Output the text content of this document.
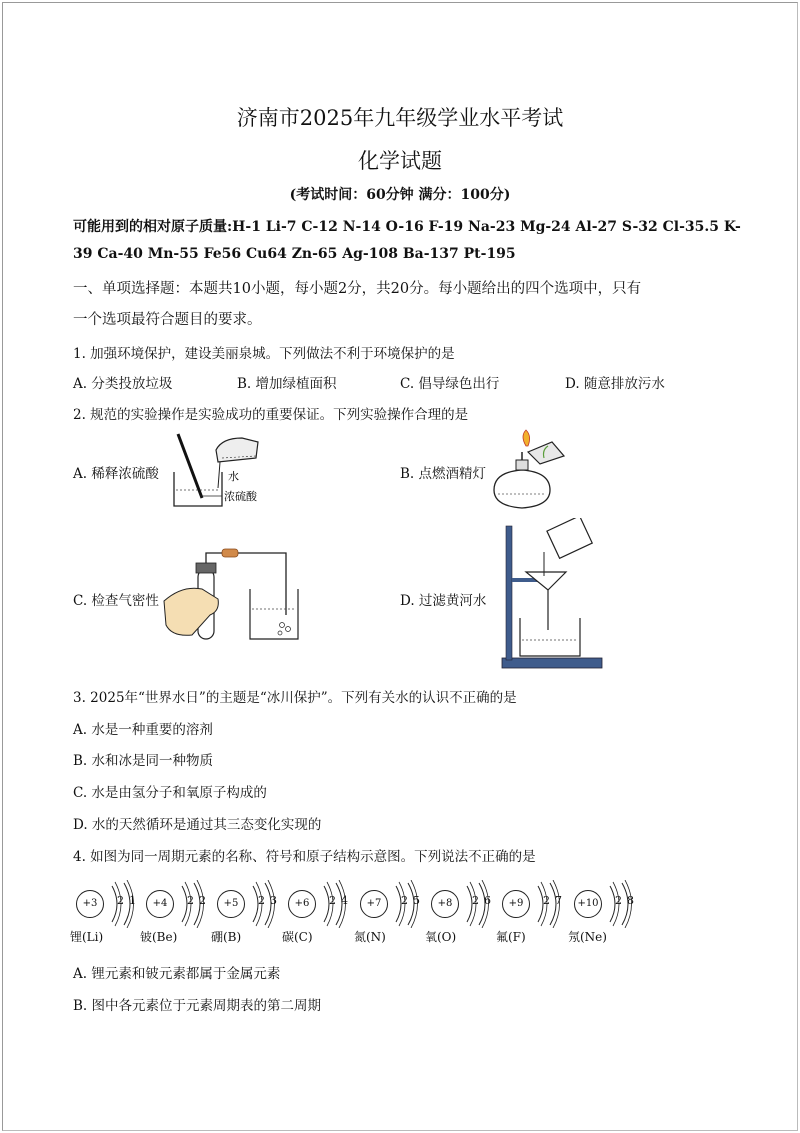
济南市2025年九年级学业水平考试
化学试题
(考试时间：60分钟 满分：100分)
可能用到的相对原子质量:H-1 Li-7 C-12 N-14 O-16 F-19 Na-23 Mg-24 Al-27 S-32 Cl-35.5 K-
39 Ca-40 Mn-55 Fe56 Cu64 Zn-65 Ag-108 Ba-137 Pt-195
一、单项选择题：本题共10小题，每小题2分，共20分。每小题给出的四个选项中，只有
一个选项最符合题目的要求。
1. 加强环境保护，建设美丽泉城。下列做法不利于环境保护的是
A. 分类投放垃圾	B. 增加绿植面积	C. 倡导绿色出行	D. 随意排放污水
2. 规范的实验操作是实验成功的重要保证。下列实验操作合理的是
A. 稀释浓硫酸	水
浓硫酸
B. 点燃酒精灯
C. 检查气密性	D. 过滤黄河水
3. 2025年“世界水日”的主题是“冰川保护”。下列有关水的认识不正确的是
A. 水是一种重要的溶剂
B. 水和冰是同一种物质
C. 水是由氢分子和氧原子构成的
D. 水的天然循环是通过其三态变化实现的
4. 如图为同一周期元素的名称、符号和原子结构示意图。下列说法不正确的是
+3	2 1
锂(Li)
+4	2 2
铍(Be)
+5	2 3
硼(B)
+6	2 4
碳(C)
+7	2 5
氮(N)
+8	2 6
氧(O)
+9	2 7
氟(F)
+10	2 8
氖(Ne)
A. 锂元素和铍元素都属于金属元素
B. 图中各元素位于元素周期表的第二周期
